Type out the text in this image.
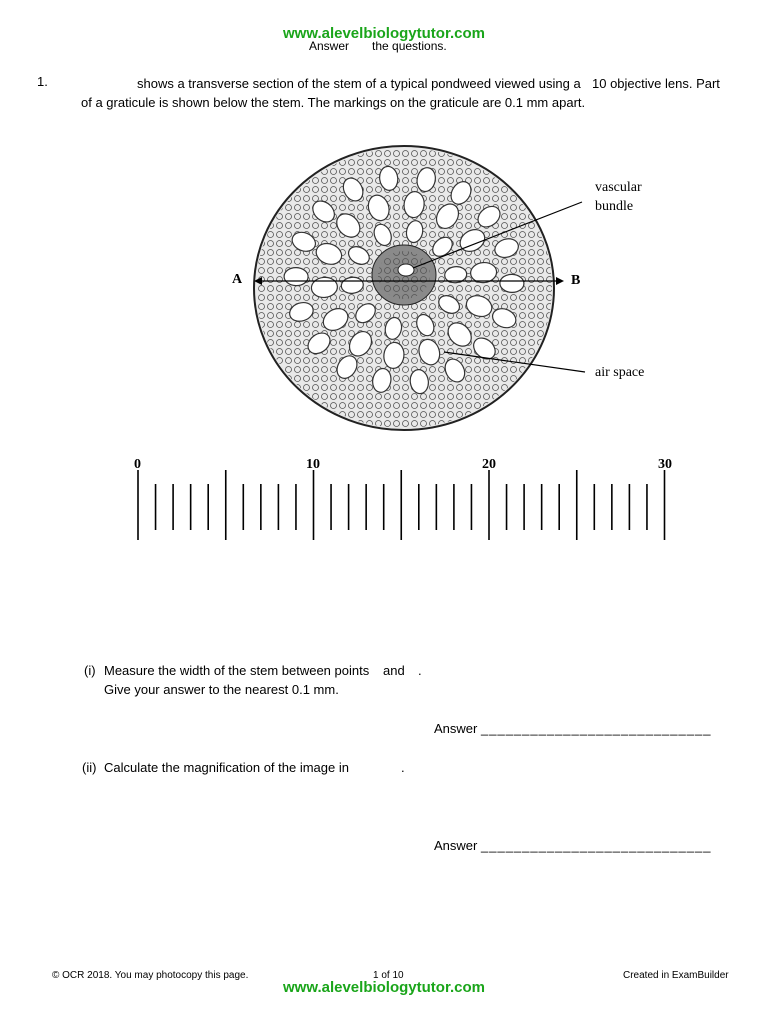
www.alevelbiologytutor.com
Answer the questions.
1.	shows a transverse section of the stem of a typical pondweed viewed using a 10 objective lens. Part
of a graticule is shown below the stem. The markings on the graticule are 0.1 mm apart.
vascular
bundle
air space
A	B
0	10	20	30
(i) Measure the width of the stem between points and .
Give your answer to the nearest 0.1 mm.
Answer ____________________________
(ii) Calculate the magnification of the image in	.
Answer ____________________________
© OCR 2018. You may photocopy this page.	1 of 10	Created in ExamBuilder
www.alevelbiologytutor.com
